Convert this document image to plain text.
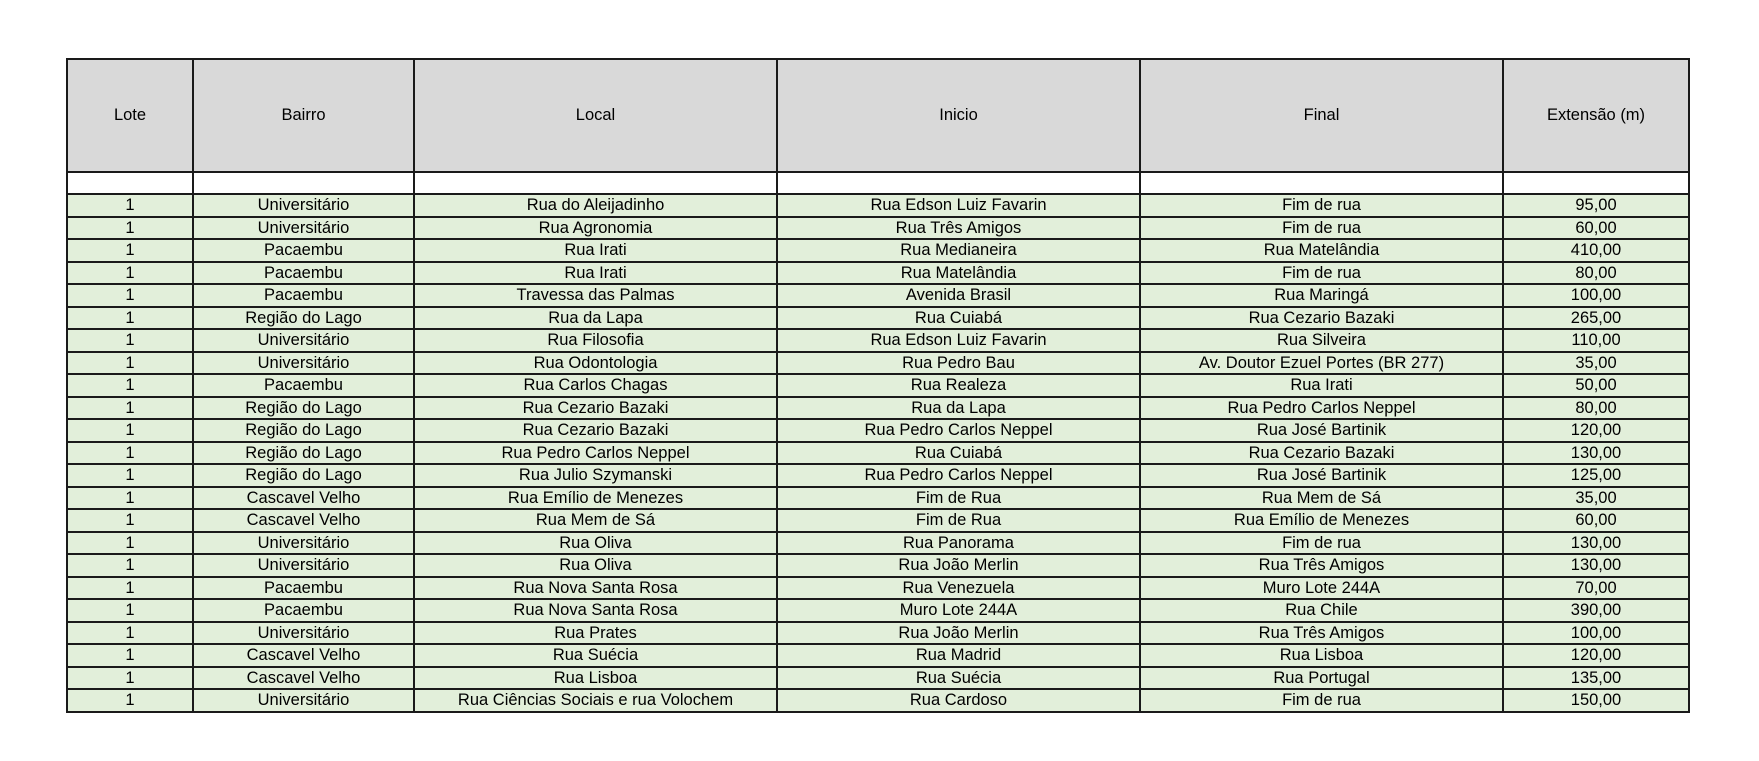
Lote	Bairro	Local	Inicio	Final	Extensão (m)

1	Universitário	Rua do Aleijadinho	Rua Edson Luiz Favarin	Fim de rua	95,00
1	Universitário	Rua Agronomia	Rua Três Amigos	Fim de rua	60,00
1	Pacaembu	Rua Irati	Rua Medianeira	Rua Matelândia	410,00
1	Pacaembu	Rua Irati	Rua Matelândia	Fim de rua	80,00
1	Pacaembu	Travessa das Palmas	Avenida Brasil	Rua Maringá	100,00
1	Região do Lago	Rua da Lapa	Rua Cuiabá	Rua Cezario Bazaki	265,00
1	Universitário	Rua Filosofia	Rua Edson Luiz Favarin	Rua Silveira	110,00
1	Universitário	Rua Odontologia	Rua Pedro Bau	Av. Doutor Ezuel Portes (BR 277)	35,00
1	Pacaembu	Rua Carlos Chagas	Rua Realeza	Rua Irati	50,00
1	Região do Lago	Rua Cezario Bazaki	Rua da Lapa	Rua Pedro Carlos Neppel	80,00
1	Região do Lago	Rua Cezario Bazaki	Rua Pedro Carlos Neppel	Rua José Bartinik	120,00
1	Região do Lago	Rua Pedro Carlos Neppel	Rua Cuiabá	Rua Cezario Bazaki	130,00
1	Região do Lago	Rua Julio Szymanski	Rua Pedro Carlos Neppel	Rua José Bartinik	125,00
1	Cascavel Velho	Rua Emílio de Menezes	Fim de Rua	Rua Mem de Sá	35,00
1	Cascavel Velho	Rua Mem de Sá	Fim de Rua	Rua Emílio de Menezes	60,00
1	Universitário	Rua Oliva	Rua Panorama	Fim de rua	130,00
1	Universitário	Rua Oliva	Rua João Merlin	Rua Três Amigos	130,00
1	Pacaembu	Rua Nova Santa Rosa	Rua Venezuela	Muro Lote 244A	70,00
1	Pacaembu	Rua Nova Santa Rosa	Muro Lote 244A	Rua Chile	390,00
1	Universitário	Rua Prates	Rua João Merlin	Rua Três Amigos	100,00
1	Cascavel Velho	Rua Suécia	Rua Madrid	Rua Lisboa	120,00
1	Cascavel Velho	Rua Lisboa	Rua Suécia	Rua Portugal	135,00
1	Universitário	Rua Ciências Sociais e rua Volochem	Rua Cardoso	Fim de rua	150,00
